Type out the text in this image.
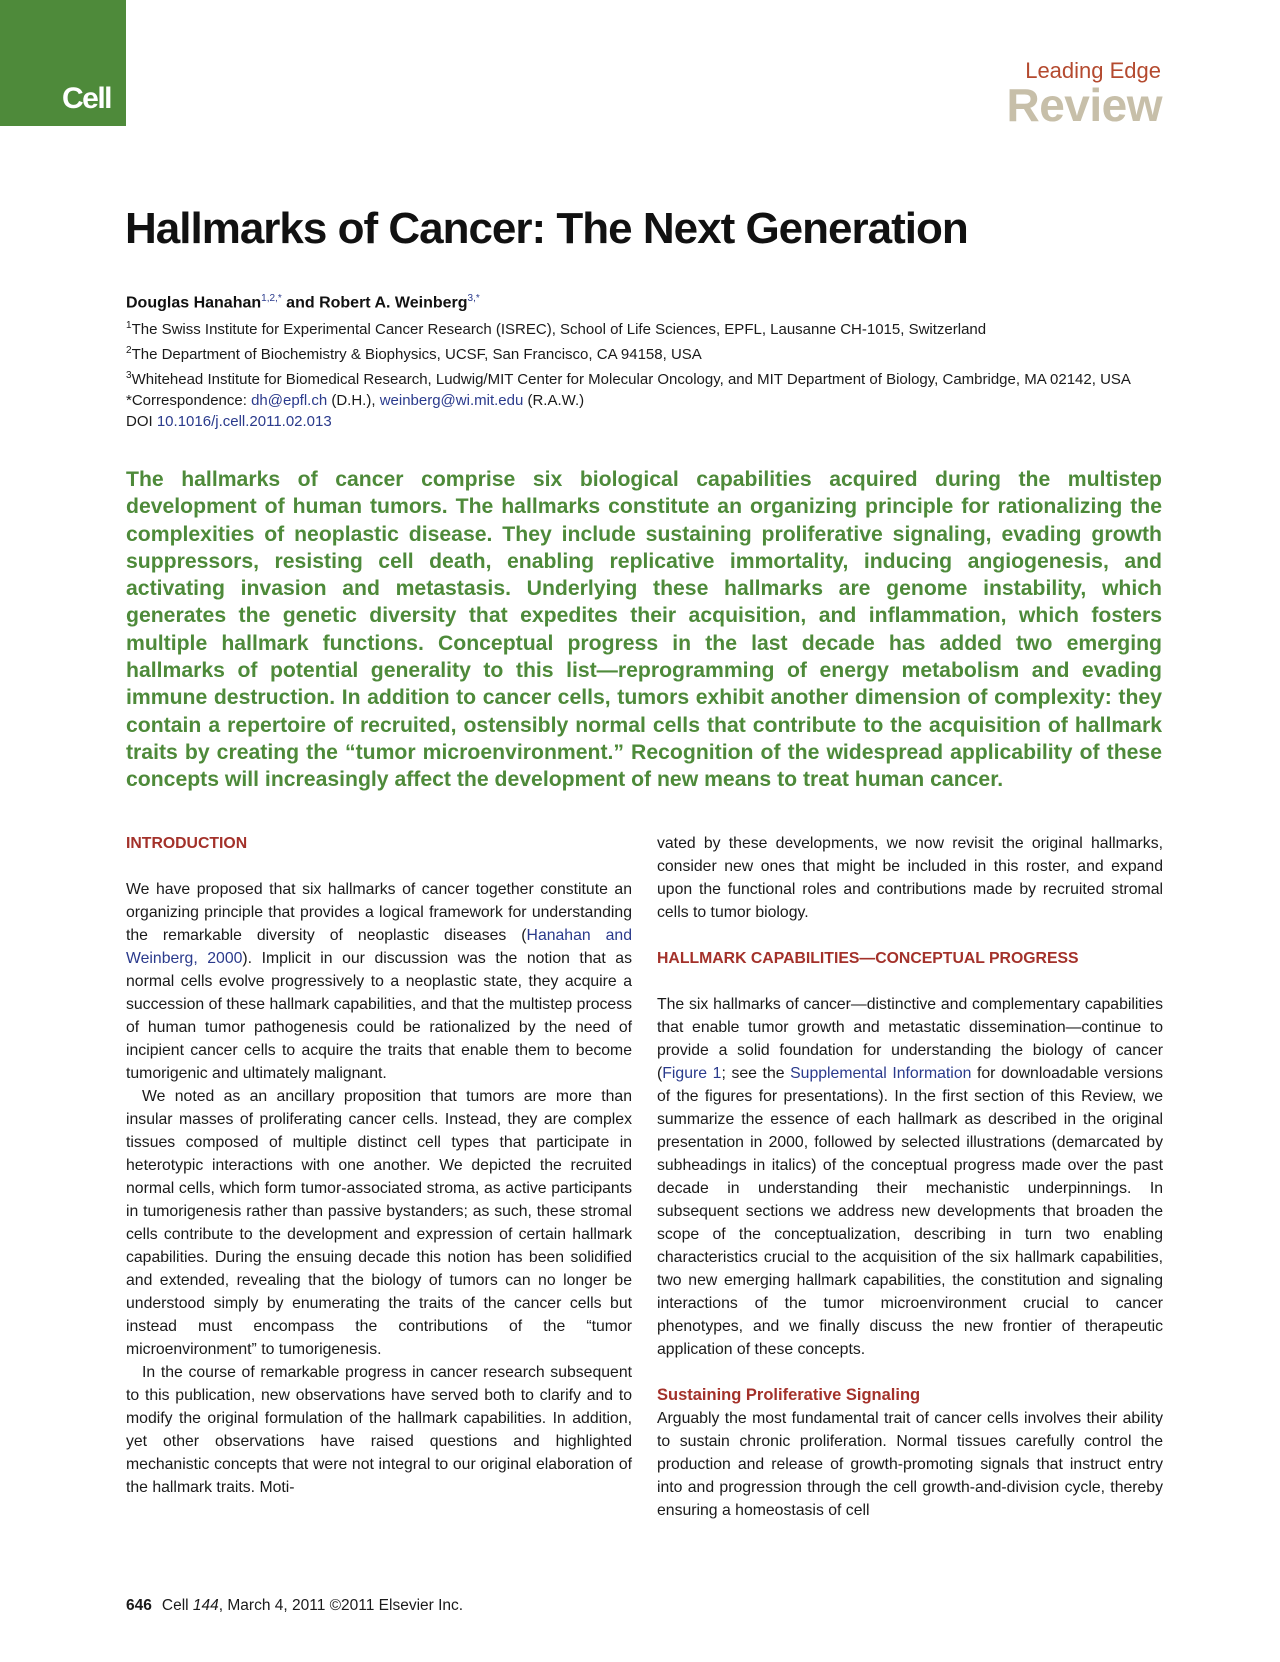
Cell
Leading Edge
Review
Hallmarks of Cancer: The Next Generation
Douglas Hanahan$^{1,2,*}$ and Robert A. Weinberg$^{3,*}$

$^1$The Swiss Institute for Experimental Cancer Research (ISREC), School of Life Sciences, EPFL, Lausanne CH-1015, Switzerland

$^2$The Department of Biochemistry & Biophysics, UCSF, San Francisco, CA 94158, USA

$^3$Whitehead Institute for Biomedical Research, Ludwig/MIT Center for Molecular Oncology, and MIT Department of Biology, Cambridge, MA 02142, USA

*Correspondence: dh@epfl.ch (D.H.), weinberg@wi.mit.edu (R.A.W.)

DOI 10.1016/j.cell.2011.02.013

The hallmarks of cancer comprise six biological capabilities acquired during the multistep development of human tumors. The hallmarks constitute an organizing principle for rationalizing the complexities of neoplastic disease. They include sustaining proliferative signaling, evading growth suppressors, resisting cell death, enabling replicative immortality, inducing angiogenesis, and activating invasion and metastasis. Underlying these hallmarks are genome instability, which generates the genetic diversity that expedites their acquisition, and inflammation, which fosters multiple hallmark functions. Conceptual progress in the last decade has added two emerging hallmarks of potential generality to this list—reprogramming of energy metabolism and evading immune destruction. In addition to cancer cells, tumors exhibit another dimension of complexity: they contain a repertoire of recruited, ostensibly normal cells that contribute to the acquisition of hallmark traits by creating the “tumor microenvironment.” Recognition of the widespread applicability of these concepts will increasingly affect the development of new means to treat human cancer.

INTRODUCTION

We have proposed that six hallmarks of cancer together constitute an organizing principle that provides a logical framework for understanding the remarkable diversity of neoplastic diseases (Hanahan and Weinberg, 2000). Implicit in our discussion was the notion that as normal cells evolve progressively to a neoplastic state, they acquire a succession of these hallmark capabilities, and that the multistep process of human tumor pathogenesis could be rationalized by the need of incipient cancer cells to acquire the traits that enable them to become tumorigenic and ultimately malignant.

We noted as an ancillary proposition that tumors are more than insular masses of proliferating cancer cells. Instead, they are complex tissues composed of multiple distinct cell types that participate in heterotypic interactions with one another. We depicted the recruited normal cells, which form tumor-associated stroma, as active participants in tumorigenesis rather than passive bystanders; as such, these stromal cells contribute to the development and expression of certain hallmark capabilities. During the ensuing decade this notion has been solidified and extended, revealing that the biology of tumors can no longer be understood simply by enumerating the traits of the cancer cells but instead must encompass the contributions of the “tumor microenvironment” to tumorigenesis.

In the course of remarkable progress in cancer research subsequent to this publication, new observations have served both to clarify and to modify the original formulation of the hallmark capabilities. In addition, yet other observations have raised questions and highlighted mechanistic concepts that were not integral to our original elaboration of the hallmark traits. Moti-

vated by these developments, we now revisit the original hallmarks, consider new ones that might be included in this roster, and expand upon the functional roles and contributions made by recruited stromal cells to tumor biology.

HALLMARK CAPABILITIES—CONCEPTUAL PROGRESS

The six hallmarks of cancer—distinctive and complementary capabilities that enable tumor growth and metastatic dissemination—continue to provide a solid foundation for understanding the biology of cancer (Figure 1; see the Supplemental Information for downloadable versions of the figures for presentations). In the first section of this Review, we summarize the essence of each hallmark as described in the original presentation in 2000, followed by selected illustrations (demarcated by subheadings in italics) of the conceptual progress made over the past decade in understanding their mechanistic underpinnings. In subsequent sections we address new developments that broaden the scope of the conceptualization, describing in turn two enabling characteristics crucial to the acquisition of the six hallmark capabilities, two new emerging hallmark capabilities, the constitution and signaling interactions of the tumor microenvironment crucial to cancer phenotypes, and we finally discuss the new frontier of therapeutic application of these concepts.

Sustaining Proliferative Signaling

Arguably the most fundamental trait of cancer cells involves their ability to sustain chronic proliferation. Normal tissues carefully control the production and release of growth-promoting signals that instruct entry into and progression through the cell growth-and-division cycle, thereby ensuring a homeostasis of cell

646 Cell 144, March 4, 2011 ©2011 Elsevier Inc.
